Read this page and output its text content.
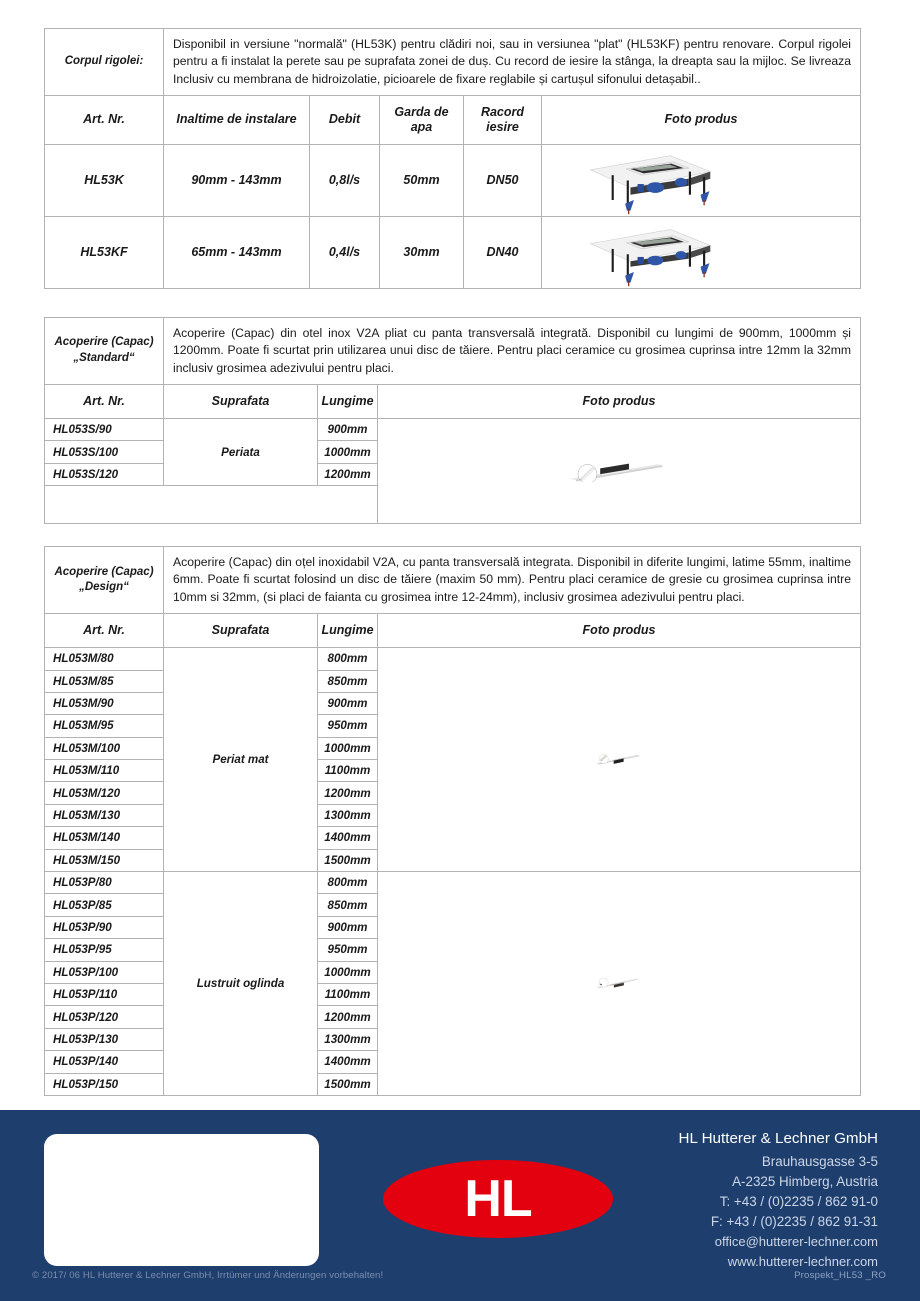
Corpul rigolei:	Disponibil in versiune "normală" (HL53K) pentru clădiri noi, sau in versiunea "plat" (HL53KF) pentru renovare. Corpul rigolei pentru a fi instalat la perete sau pe suprafata zonei de duș. Cu record de iesire la stânga, la dreapta sau la mijloc. Se livreaza Inclusiv cu membrana de hidroizolatie, picioarele de fixare reglabile și cartușul sifonului detașabil..				
Art. Nr.	Inaltime de instalare	Debit	Garda de apa	Racord iesire	Foto produs
HL53K	90mm - 143mm	0,8l/s	50mm	DN50	

HL53KF	65mm - 143mm	0,4l/s	30mm	DN40	
Acoperire (Capac)
„Standard“	Acoperire (Capac) din otel inox V2A pliat cu panta transversală integrată. Disponibil cu lungimi de 900mm, 1000mm și 1200mm. Poate fi scurtat prin utilizarea unui disc de tăiere. Pentru placi ceramice cu grosimea cuprinsa intre 12mm la 32mm inclusiv grosimea adezivului pentru placi.		
Art. Nr.	Suprafata	Lungime	Foto produs
HL053S/90	Periata	900mm	

HL053S/100		1000mm	
HL053S/120		1200mm	

Acoperire (Capac)
„Design“	Acoperire (Capac) din oțel inoxidabil V2A, cu panta transversală integrata. Disponibil in diferite lungimi, latime 55mm, inaltime 6mm. Poate fi scurtat folosind un disc de tăiere (maxim 50 mm). Pentru placi ceramice de gresie cu grosimea cuprinsa intre 10mm si 32mm, (si placi de faianta cu grosimea intre 12-24mm), inclusiv grosimea adezivului pentru placi.		
Art. Nr.	Suprafata	Lungime	Foto produs
HL053M/80	Periat mat	800mm	

HL053M/85		850mm	
HL053M/90		900mm	
HL053M/95		950mm	
HL053M/100		1000mm	
HL053M/110		1100mm	
HL053M/120		1200mm	
HL053M/130		1300mm	
HL053M/140		1400mm	
HL053M/150		1500mm	
HL053P/80	Lustruit oglinda	800mm	

HL053P/85		850mm	
HL053P/90		900mm	
HL053P/95		950mm	
HL053P/100		1000mm	
HL053P/110		1100mm	
HL053P/120		1200mm	
HL053P/130		1300mm	
HL053P/140		1400mm	
HL053P/150		1500mm	
HL
HL Hutterer & Lechner GmbH
Brauhausgasse 3-5
A-2325 Himberg, Austria
T: +43 / (0)2235 / 862 91-0
F: +43 / (0)2235 / 862 91-31
office@hutterer-lechner.com
www.hutterer-lechner.com
© 2017/ 06 HL Hutterer & Lechner GmbH, Irrtümer und Änderungen vorbehalten!	Prospekt_HL53 _RO
